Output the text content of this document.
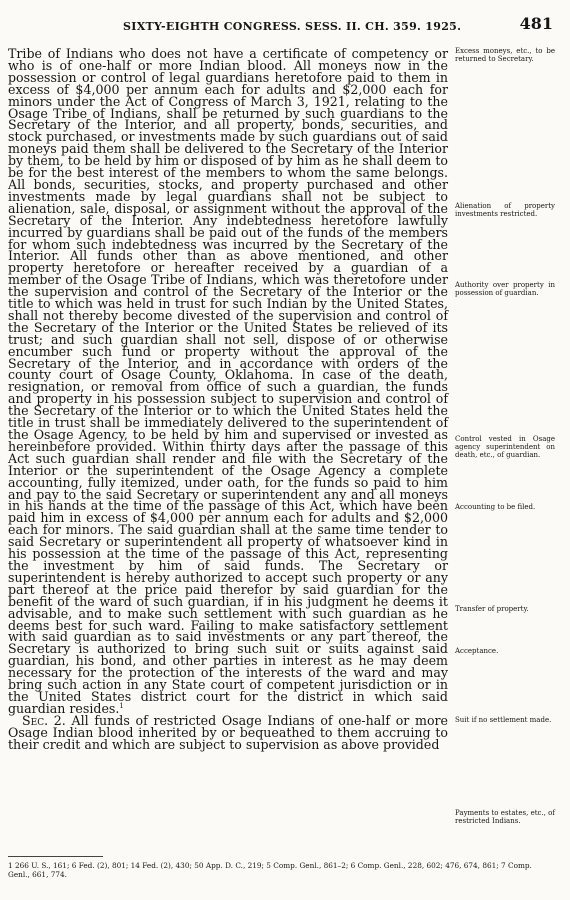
SIXTY-EIGHTH CONGRESS. SESS. II. CH. 359. 1925.	481

Tribe of Indians who does not have a certificate of competency or who is of one-half or more Indian blood. All moneys now in the possession or control of legal guardians heretofore paid to them in excess of $4,000 per annum each for adults and $2,000 each for minors under the Act of Congress of March 3, 1921, relating to the Osage Tribe of Indians, shall be returned by such guardians to the Secretary of the Interior, and all property, bonds, securities, and stock purchased, or investments made by such guardians out of said moneys paid them shall be delivered to the Secretary of the Interior by them, to be held by him or disposed of by him as he shall deem to be for the best interest of the members to whom the same belongs. All bonds, securities, stocks, and property purchased and other investments made by legal guardians shall not be subject to alienation, sale, disposal, or assignment without the approval of the Secretary of the Interior. Any indebtedness heretofore lawfully incurred by guardians shall be paid out of the funds of the members for whom such indebtedness was incurred by the Secretary of the Interior. All funds other than as above mentioned, and other property heretofore or hereafter received by a guardian of a member of the Osage Tribe of Indians, which was theretofore under the supervision and control of the Secretary of the Interior or the title to which was held in trust for such Indian by the United States, shall not thereby become divested of the supervision and control of the Secretary of the Interior or the United States be relieved of its trust; and such guardian shall not sell, dispose of or otherwise encumber such fund or property without the approval of the Secretary of the Interior, and in accordance with orders of the county court of Osage County, Oklahoma. In case of the death, resignation, or removal from office of such a guardian, the funds and property in his possession subject to supervision and control of the Secretary of the Interior or to which the United States held the title in trust shall be immediately delivered to the superintendent of the Osage Agency, to be held by him and supervised or invested as hereinbefore provided. Within thirty days after the passage of this Act such guardian shall render and file with the Secretary of the Interior or the superintendent of the Osage Agency a complete accounting, fully itemized, under oath, for the funds so paid to him and pay to the said Secretary or superintendent any and all moneys in his hands at the time of the passage of this Act, which have been paid him in excess of $4,000 per annum each for adults and $2,000 each for minors. The said guardian shall at the same time tender to said Secretary or superintendent all property of whatsoever kind in his possession at the time of the passage of this Act, representing the investment by him of said funds. The Secretary or superintendent is hereby authorized to accept such property or any part thereof at the price paid therefor by said guardian for the benefit of the ward of such guardian, if in his judgment he deems it advisable, and to make such settlement with such guardian as he deems best for such ward. Failing to make satisfactory settlement with said guardian as to said investments or any part thereof, the Secretary is authorized to bring such suit or suits against said guardian, his bond, and other parties in interest as he may deem necessary for the protection of the interests of the ward and may bring such action in any State court of competent jurisdiction or in the United States district court for the district in which said guardian resides.$^1$

Sec. 2. All funds of restricted Osage Indians of one-half or more Osage Indian blood inherited by or bequeathed to them accruing to their credit and which are subject to supervision as above provided

Excess moneys, etc., to be returned to Secretary.
Alienation of property investments restricted.
Authority over property in possession of guardian.
Control vested in Osage agency superintendent on death, etc., of guardian.
Accounting to be filed.
Transfer of property.
Acceptance.
Suit if no settlement made.
Payments to estates, etc., of restricted Indians.
1 266 U. S., 161; 6 Fed. (2), 801; 14 Fed. (2), 430; 50 App. D. C., 219; 5 Comp. Genl., 861–2; 6 Comp. Genl., 228, 602; 476, 674, 861; 7 Comp. Genl., 661, 774.
